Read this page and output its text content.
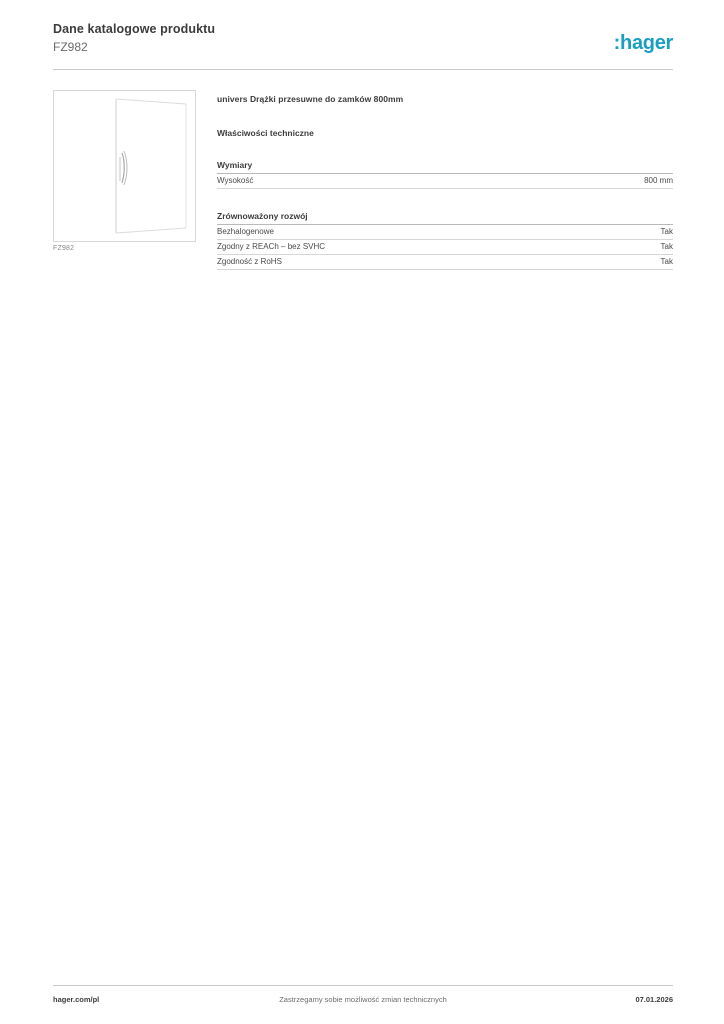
Dane katalogowe produktu
FZ982	:hager
FZ982
univers Drążki przesuwne do zamków 800mm
Właściwości techniczne
Wymiary
Wysokość	800 mm
Zrównoważony rozwój
Bezhalogenowe	Tak
Zgodny z REACh – bez SVHC	Tak
Zgodność z RoHS	Tak
Zastrzegamy sobie możliwość zmian technicznych
hager.com/pl	07.01.2026
